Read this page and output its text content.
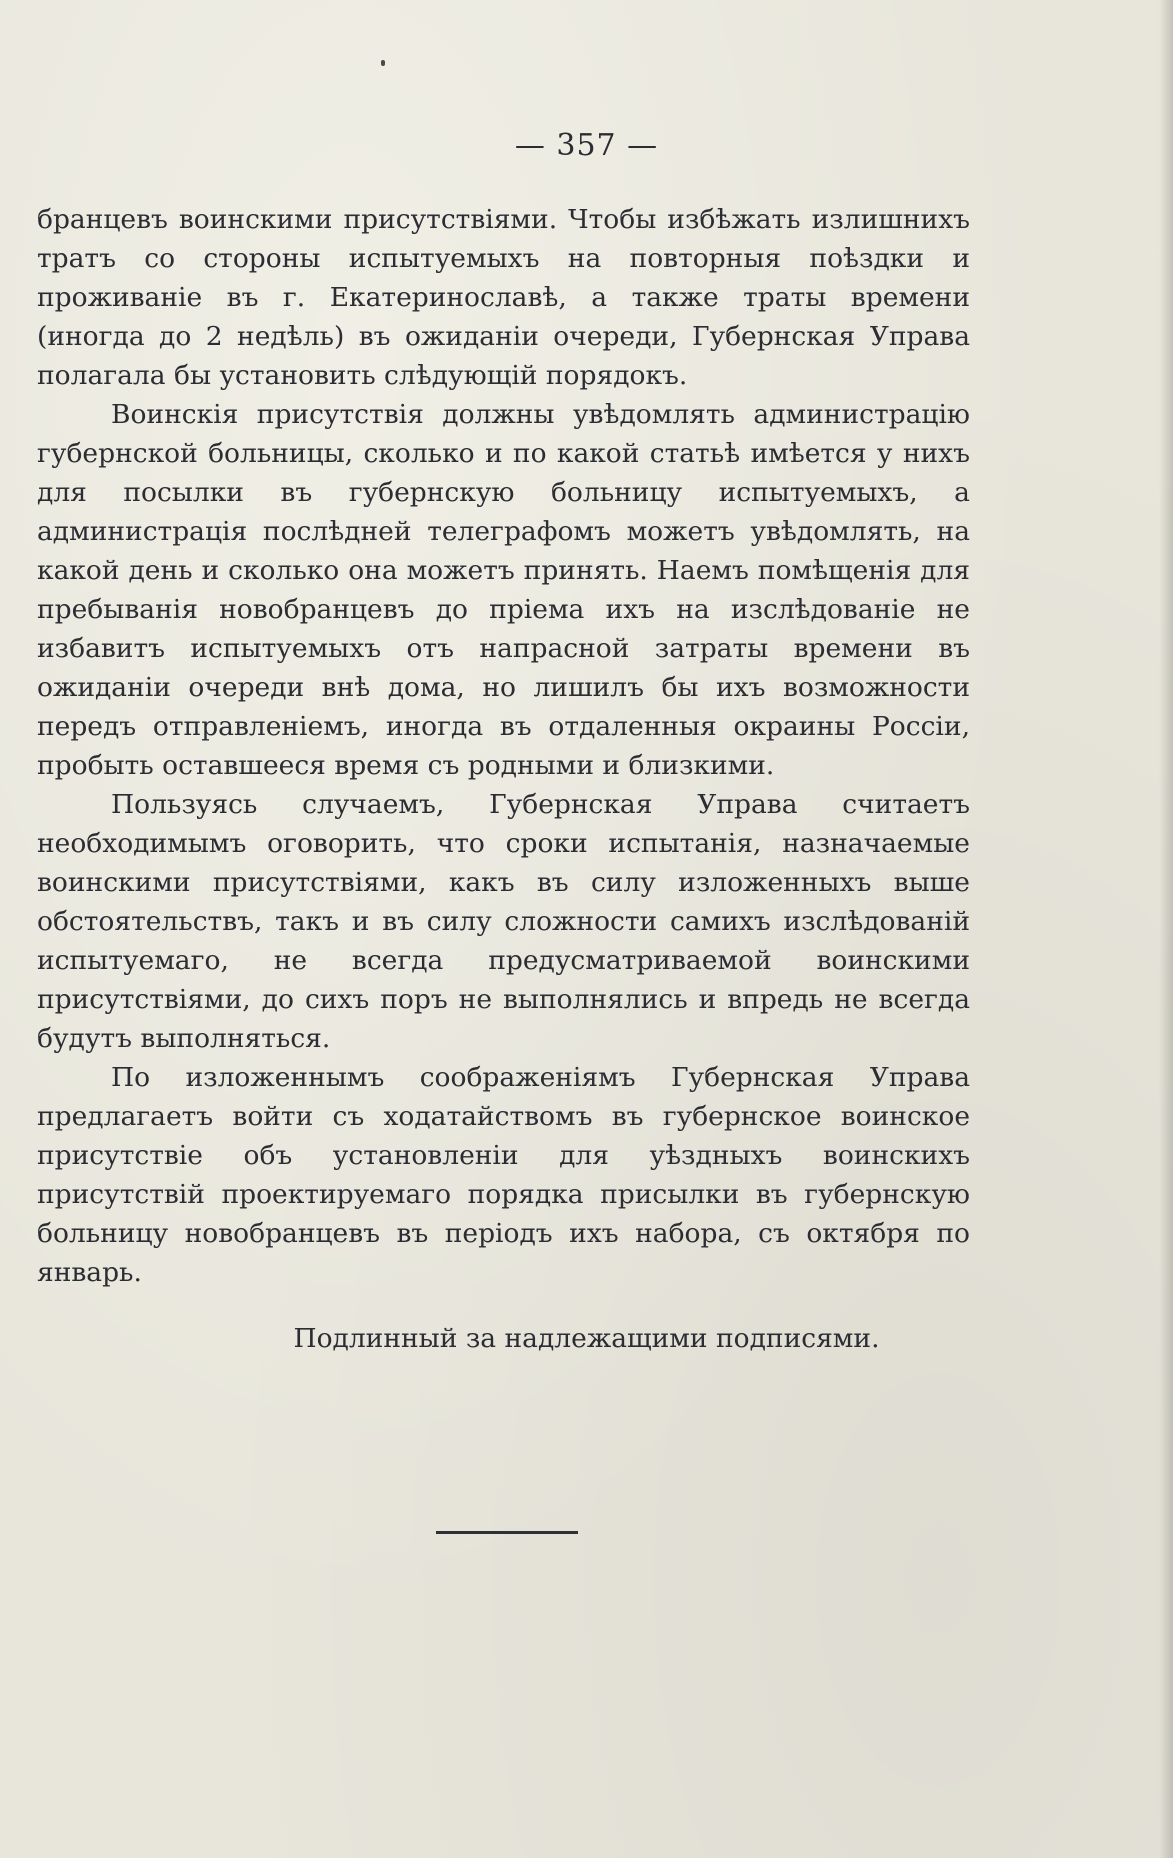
— 357 —

бранцевъ воинскими присутствіями. Чтобы избѣжать излишнихъ тратъ со стороны испытуемыхъ на повторныя поѣздки и проживаніе въ г. Екатеринославѣ, а также траты времени (иногда до 2 недѣль) въ ожиданіи очереди, Губернская Управа полагала бы установить слѣдующій порядокъ.

Воинскія присутствія должны увѣдомлять администрацію губернской больницы, сколько и по какой статьѣ имѣется у нихъ для посылки въ губернскую больницу испытуемыхъ, а администрація послѣдней телеграфомъ можетъ увѣдомлять, на какой день и сколько она можетъ принять. Наемъ помѣщенія для пребыванія новобранцевъ до пріема ихъ на изслѣдованіе не избавитъ испытуемыхъ отъ напрасной затраты времени въ ожиданіи очереди внѣ дома, но лишилъ бы ихъ возможности передъ отправленіемъ, иногда въ отдаленныя окраины Россіи, пробыть оставшееся время съ родными и близкими.

Пользуясь случаемъ, Губернская Управа считаетъ необходимымъ оговорить, что сроки испытанія, назначаемые воинскими присутствіями, какъ въ силу изложенныхъ выше обстоятельствъ, такъ и въ силу сложности самихъ изслѣдованій испытуемаго, не всегда предусматриваемой воинскими присутствіями, до сихъ поръ не выполнялись и впредь не всегда будутъ выполняться.

По изложеннымъ соображеніямъ Губернская Управа предлагаетъ войти съ ходатайствомъ въ губернское воинское присутствіе объ установленіи для уѣздныхъ воинскихъ присутствій проектируемаго порядка присылки въ губернскую больницу новобранцевъ въ періодъ ихъ набора, съ октября по январь.

Подлинный за надлежащими подписями.
